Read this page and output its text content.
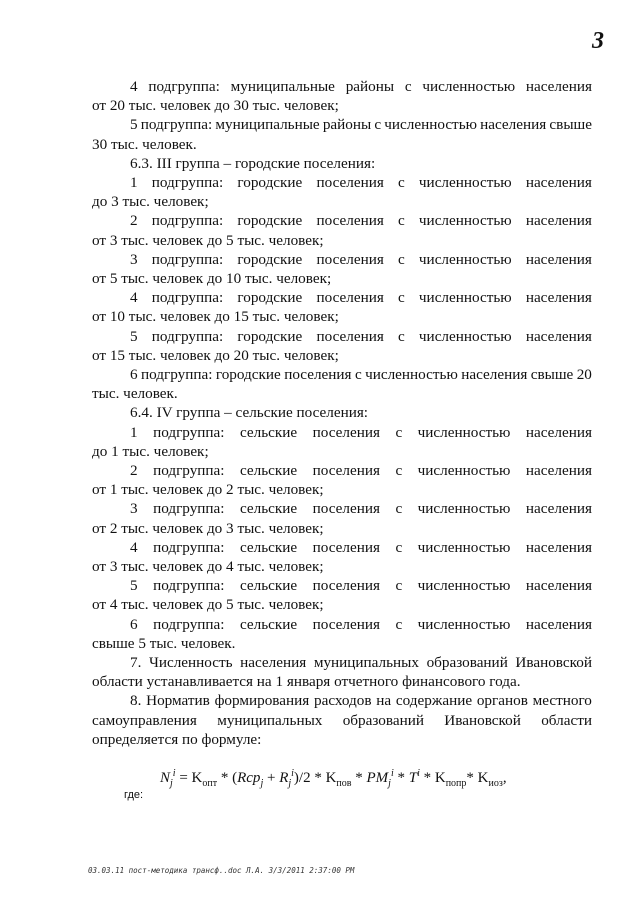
3
4 подгруппа: муниципальные районы с численностью населения
от 20 тыс. человек до 30 тыс. человек;
5 подгруппа: муниципальные районы с численностью населения свыше
30 тыс. человек.
6.3. III группа – городские поселения:
1 подгруппа: городские поселения с численностью населения
до 3 тыс. человек;
2 подгруппа: городские поселения с численностью населения
от 3 тыс. человек до 5 тыс. человек;
3 подгруппа: городские поселения с численностью населения
от 5 тыс. человек до 10 тыс. человек;
4 подгруппа: городские поселения с численностью населения
от 10 тыс. человек до 15 тыс. человек;
5 подгруппа: городские поселения с численностью населения
от 15 тыс. человек до 20 тыс. человек;
6 подгруппа: городские поселения с численностью населения свыше 20
тыс. человек.
6.4. IV группа – сельские поселения:
1 подгруппа: сельские поселения с численностью населения
до 1 тыс. человек;
2 подгруппа: сельские поселения с численностью населения
от 1 тыс. человек до 2 тыс. человек;
3 подгруппа: сельские поселения с численностью населения
от 2 тыс. человек до 3 тыс. человек;
4 подгруппа: сельские поселения с численностью населения
от 3 тыс. человек до 4 тыс. человек;
5 подгруппа: сельские поселения с численностью населения
от 4 тыс. человек до 5 тыс. человек;
6 подгруппа: сельские поселения с численностью населения
свыше 5 тыс. человек.
7. Численность населения муниципальных образований Ивановской
области устанавливается на 1 января отчетного финансового года.
8. Норматив формирования расходов на содержание органов местного
самоуправления муниципальных образований Ивановской области
определяется по формуле:
$N_j^i = K_{опт} * (Rcp_j + R_j^i)/2 * K_{пов} * PM_j^i * T^i * K_{попр}*$ $K_{иоз}$,
где:
03.03.11 пост-методика трансф..doc Л.А. 3/3/2011 2:37:00 PM
